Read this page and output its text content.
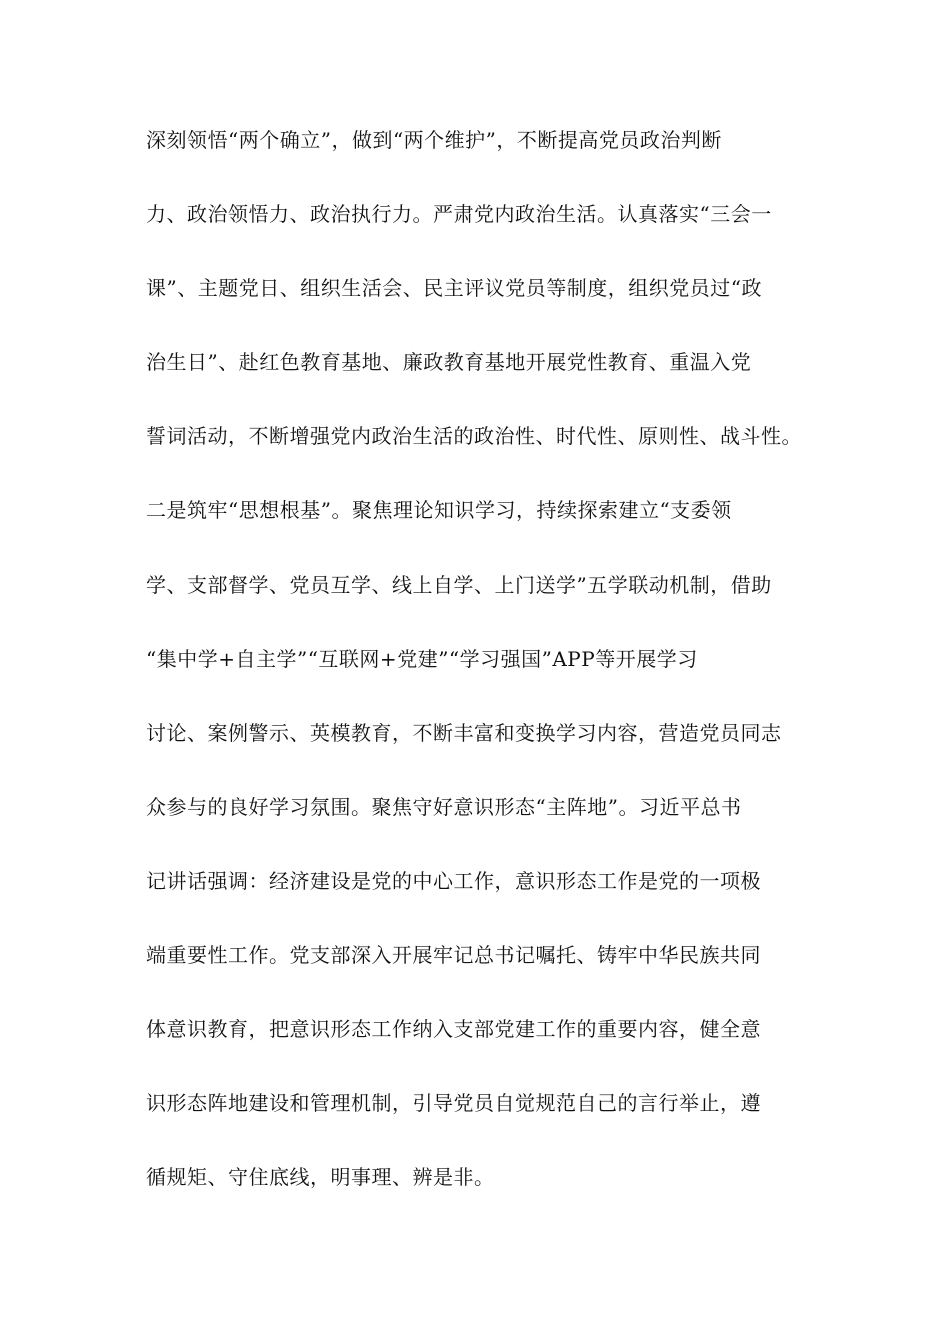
深刻领悟“两个确立”，做到“两个维护”，不断提高党员政治判断
力、政治领悟力、政治执行力。严肃党内政治生活。认真落实“三会一
课”、主题党日、组织生活会、民主评议党员等制度，组织党员过“政
治生日”、赴红色教育基地、廉政教育基地开展党性教育、重温入党
誓词活动，不断增强党内政治生活的政治性、时代性、原则性、战斗性。
二是筑牢“思想根基”。聚焦理论知识学习，持续探索建立“支委领
学、支部督学、党员互学、线上自学、上门送学”五学联动机制，借助
“集中学+自主学”“互联网+党建”“学习强国”APP等开展学习
讨论、案例警示、英模教育，不断丰富和变换学习内容，营造党员同志
众参与的良好学习氛围。聚焦守好意识形态“主阵地”。习近平总书
记讲话强调：经济建设是党的中心工作，意识形态工作是党的一项极
端重要性工作。党支部深入开展牢记总书记嘱托、铸牢中华民族共同
体意识教育，把意识形态工作纳入支部党建工作的重要内容，健全意
识形态阵地建设和管理机制，引导党员自觉规范自己的言行举止，遵
循规矩、守住底线，明事理、辨是非。
